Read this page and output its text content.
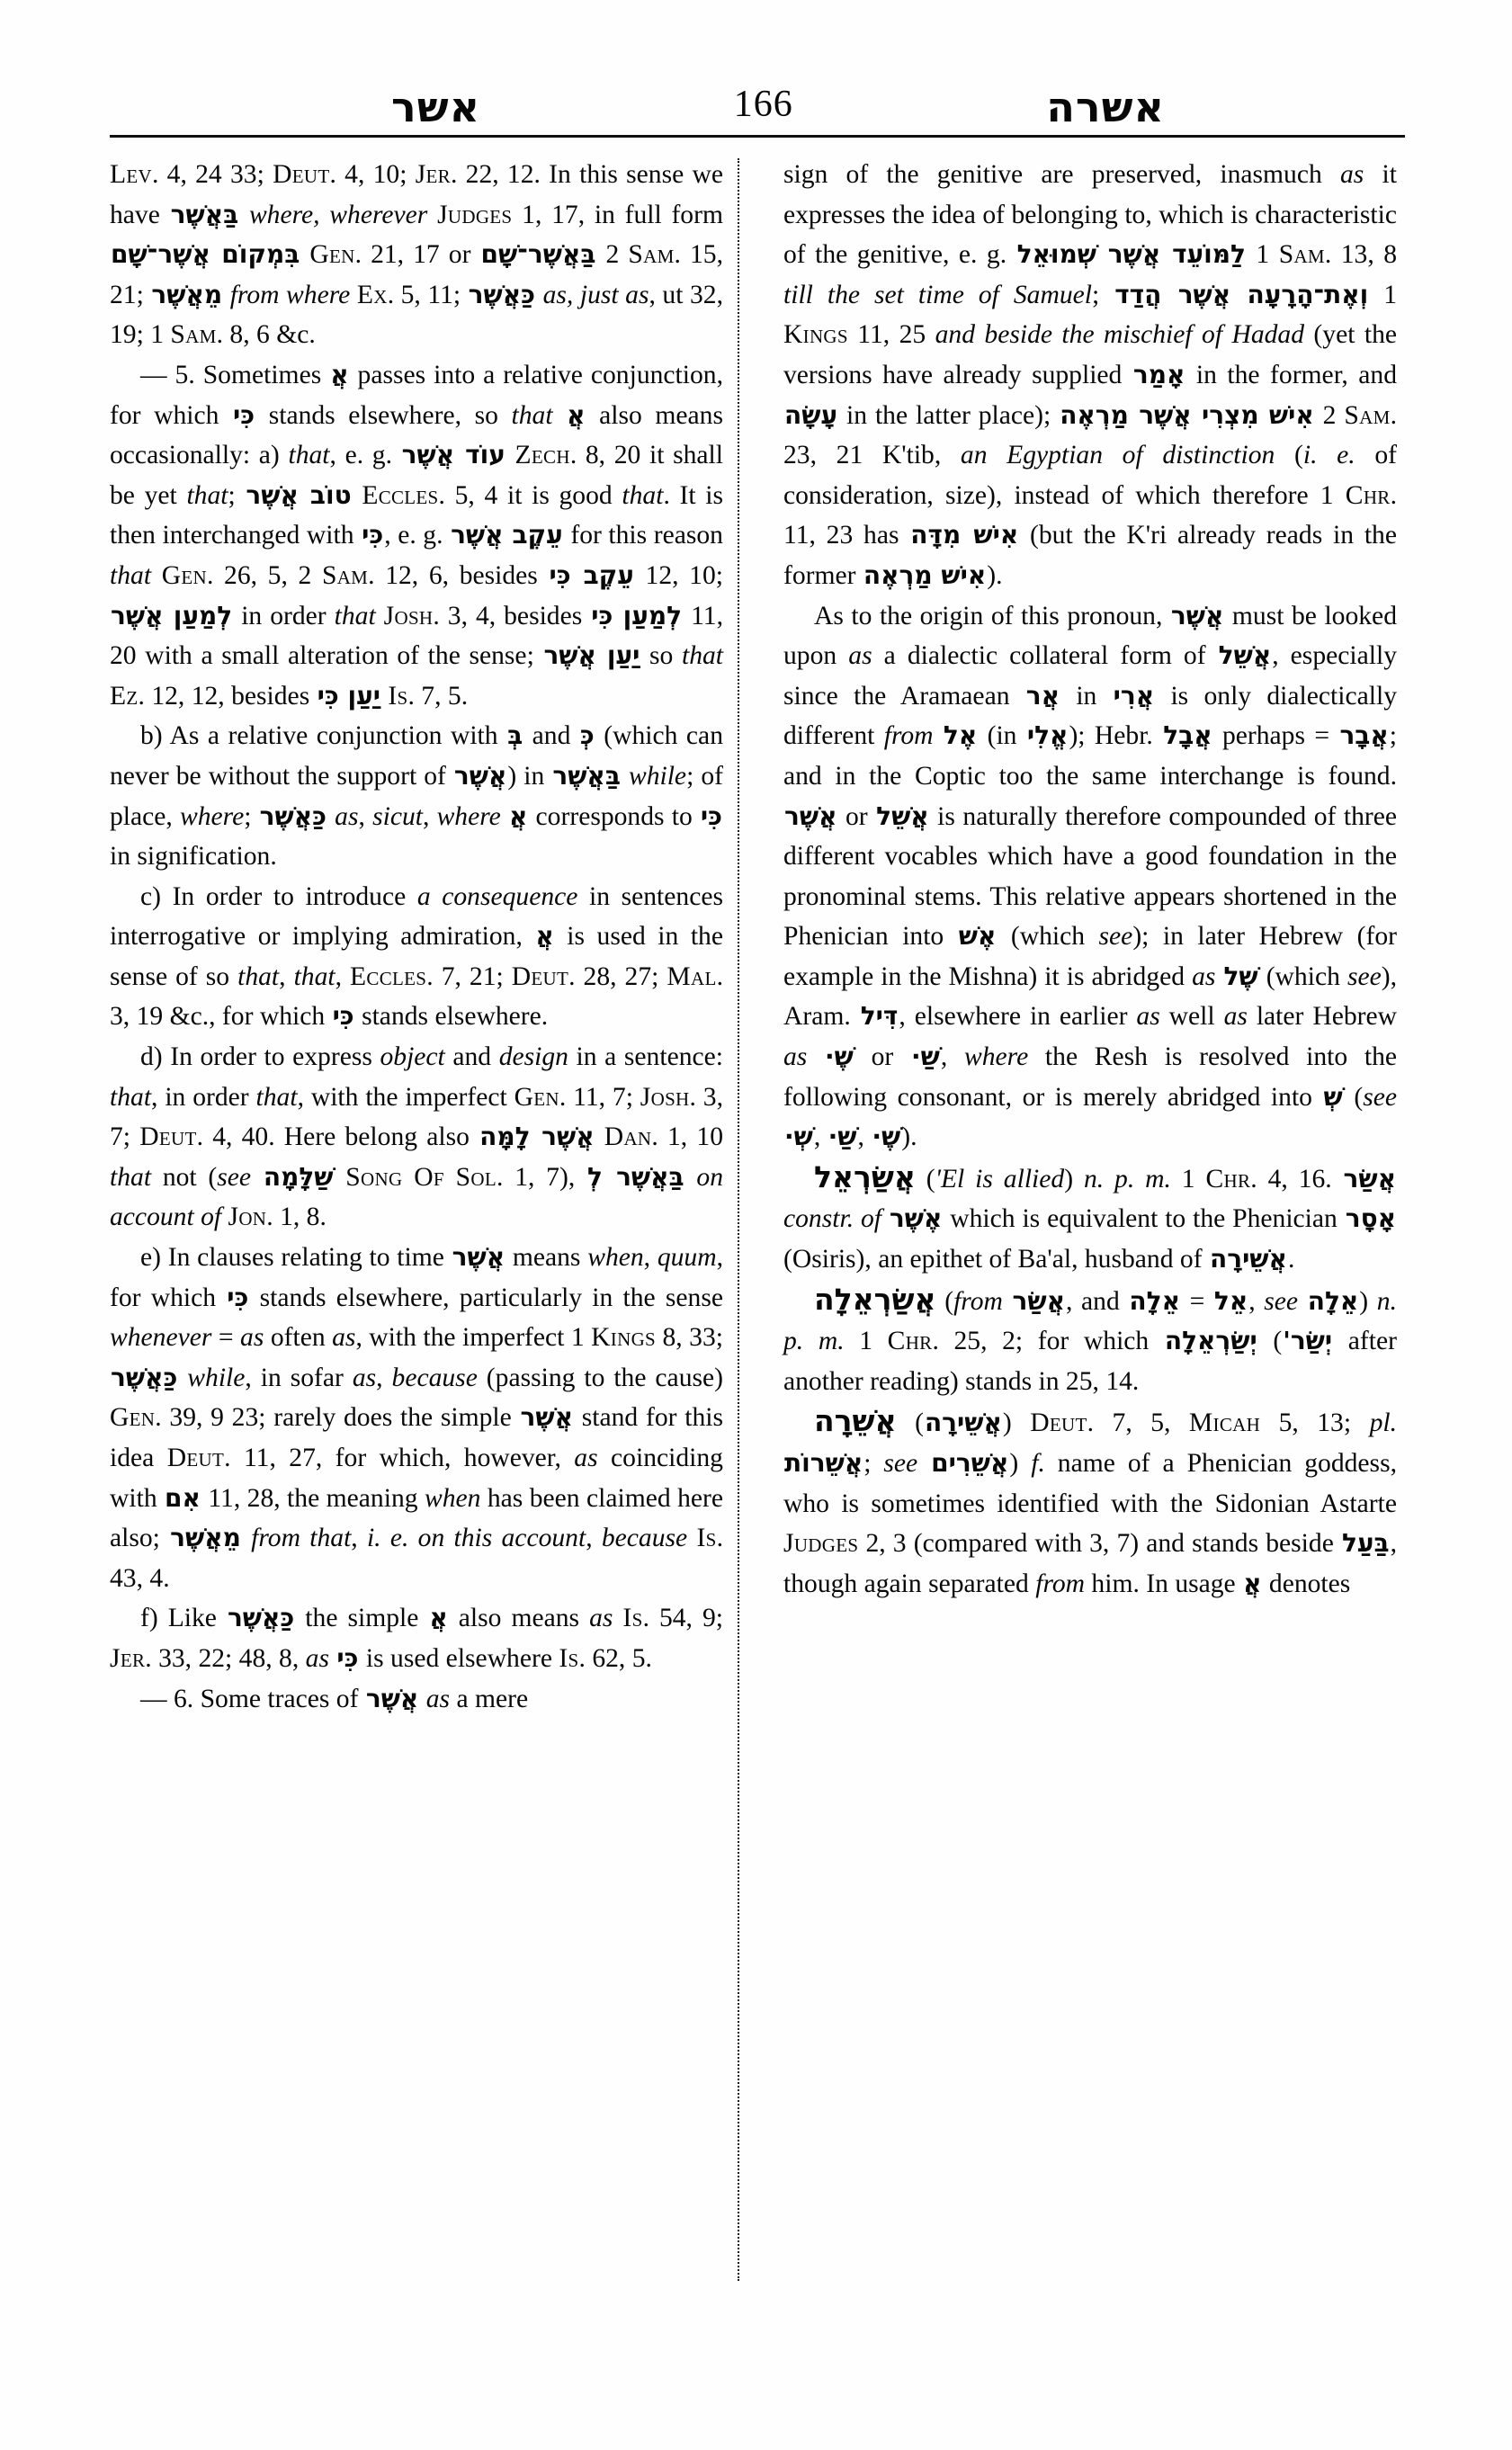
אשר	166	אשרה

Lev. 4, 24 33; Deut. 4, 10; Jer. 22, 12. In this sense we have בַּאֲשֶׁר where, wherever Judges 1, 17, in full form בִּמְקוֹם אֲשֶׁר־שָׁם Gen. 21, 17 or בַּאֲשֶׁר־שָׁם 2 Sam. 15, 21; מֵאֲשֶׁר from where Ex. 5, 11; כַּאֲשֶׁר as, just as, ut 32, 19; 1 Sam. 8, 6 &c.

— 5. Sometimes אֲ passes into a relative conjunction, for which כִּי stands elsewhere, so that אֲ also means occasionally: a) that, e. g. עוֹד אֲשֶׁר Zech. 8, 20 it shall be yet that; טוֹב אֲשֶׁר Eccles. 5, 4 it is good that. It is then interchanged with כִּי, e. g. עֵקֶב אֲשֶׁר for this reason that Gen. 26, 5, 2 Sam. 12, 6, besides עֵקֶב כִּי 12, 10; לְמַעַן אֲשֶׁר in order that Josh. 3, 4, besides לְמַעַן כִּי 11, 20 with a small alteration of the sense; יַעַן אֲשֶׁר so that Ez. 12, 12, besides יַעַן כִּי Is. 7, 5.

b) As a relative conjunction with בְּ and כְּ (which can never be without the support of אֲשֶׁר) in בַּאֲשֶׁר while; of place, where; כַּאֲשֶׁר as, sicut, where אֲ corresponds to כִּי in signification.

c) In order to introduce a consequence in sentences interrogative or implying admiration, אֲ is used in the sense of so that, that, Eccles. 7, 21; Deut. 28, 27; Mal. 3, 19 &c., for which כִּי stands elsewhere.

d) In order to express object and design in a sentence: that, in order that, with the imperfect Gen. 11, 7; Josh. 3, 7; Deut. 4, 40. Here belong also אֲשֶׁר לָמָּה Dan. 1, 10 that not (see שַׁלָּמָה Song Of Sol. 1, 7), בַּאֲשֶׁר לְ on account of Jon. 1, 8.

e) In clauses relating to time אֲשֶׁר means when, quum, for which כִּי stands elsewhere, particularly in the sense whenever = as often as, with the imperfect 1 Kings 8, 33; כַּאֲשֶׁר while, in sofar as, because (passing to the cause) Gen. 39, 9 23; rarely does the simple אֲשֶׁר stand for this idea Deut. 11, 27, for which, however, as coinciding with אִם 11, 28, the meaning when has been claimed here also; מֵאֲשֶׁר from that, i. e. on this account, because Is. 43, 4.

f) Like כַּאֲשֶׁר the simple אֲ also means as Is. 54, 9; Jer. 33, 22; 48, 8, as כִּי is used elsewhere Is. 62, 5.

— 6. Some traces of אֲשֶׁר as a mere

sign of the genitive are preserved, inasmuch as it expresses the idea of belonging to, which is characteristic of the genitive, e. g. לַמּוֹעֵד אֲשֶׁר שְׁמוּאֵל 1 Sam. 13, 8 till the set time of Samuel; וְאֶת־הָרָעָה אֲשֶׁר הֲדַד 1 Kings 11, 25 and beside the mischief of Hadad (yet the versions have already supplied אָמַר in the former, and עָשָׂה in the latter place); אִישׁ מִצְרִי אֲשֶׁר מַרְאֶה 2 Sam. 23, 21 K'tib, an Egyptian of distinction (i. e. of consideration, size), instead of which therefore 1 Chr. 11, 23 has אִישׁ מִדָּה (but the K'ri already reads in the former אִישׁ מַרְאֶה).

As to the origin of this pronoun, אֲשֶׁר must be looked upon as a dialectic collateral form of אֲשֵׁל, especially since the Aramaean אֲר in אֲרִי is only dialectically different from אֶל (in אֱלִי); Hebr. אֲבָל perhaps = אֲבָר; and in the Coptic too the same interchange is found. אֲשֶׁר or אֲשֵׁל is naturally therefore compounded of three different vocables which have a good foundation in the pronominal stems. This relative appears shortened in the Phenician into אֶשׁ (which see); in later Hebrew (for example in the Mishna) it is abridged as שֶׁל (which see), Aram. דִּיל, elsewhere in earlier as well as later Hebrew as שֶׁ· or שַׁ·, where the Resh is resolved into the following consonant, or is merely abridged into שְׁ (see שְׁ·, שַׁ·, שֶׁ·).

אֲשַׂרְאֵל ('El is allied) n. p. m. 1 Chr. 4, 16. אֲשַׂר constr. of אֶשֶׁר which is equivalent to the Phenician אָסָר (Osiris), an epithet of Ba'al, husband of אֲשֵׁירָה.

אֲשַׂרְאֵלָה (from אֲשַׂר, and אֵלָה = אֵל, see אֵלָה) n. p. m. 1 Chr. 25, 2; for which יְשַׂרְאֵלָה (יְשַׂר' after another reading) stands in 25, 14.

אֲשֵׁרָה (אֲשֵׁירָה) Deut. 7, 5, Micah 5, 13; pl. אֲשֵׁרוֹת; see אֲשֵׁרִים) f. name of a Phenician goddess, who is sometimes identified with the Sidonian Astarte Judges 2, 3 (compared with 3, 7) and stands beside בַּעַל, though again separated from him. In usage אֲ denotes
